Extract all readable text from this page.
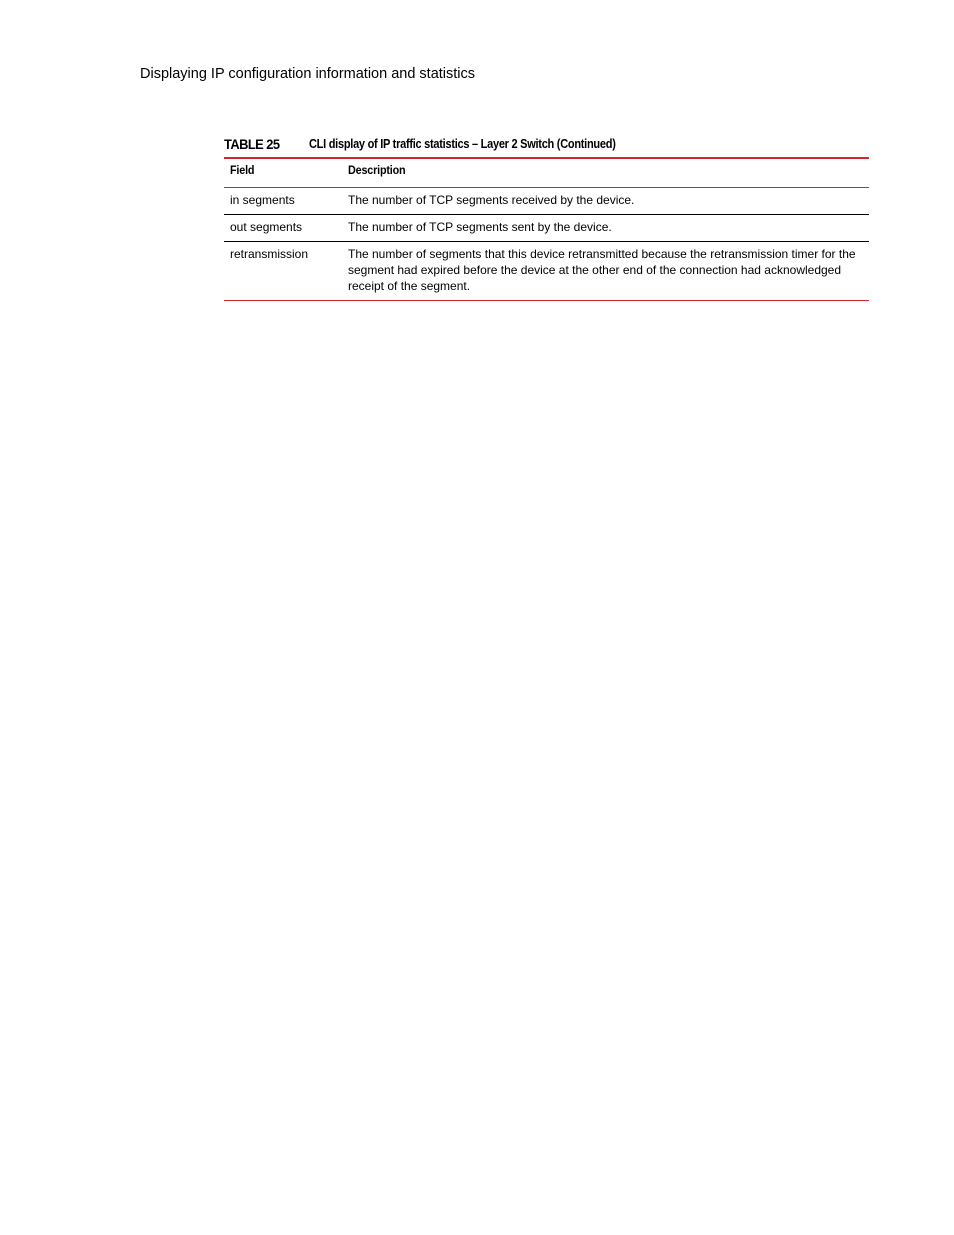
Displaying IP configuration information and statistics
TABLE 25 CLI display of IP traffic statistics – Layer 2 Switch (Continued)
Field	Description
in segments	The number of TCP segments received by the device.
out segments	The number of TCP segments sent by the device.
retransmission	The number of segments that this device retransmitted because the retransmission timer for the segment had expired before the device at the other end of the connection had acknowledged receipt of the segment.
